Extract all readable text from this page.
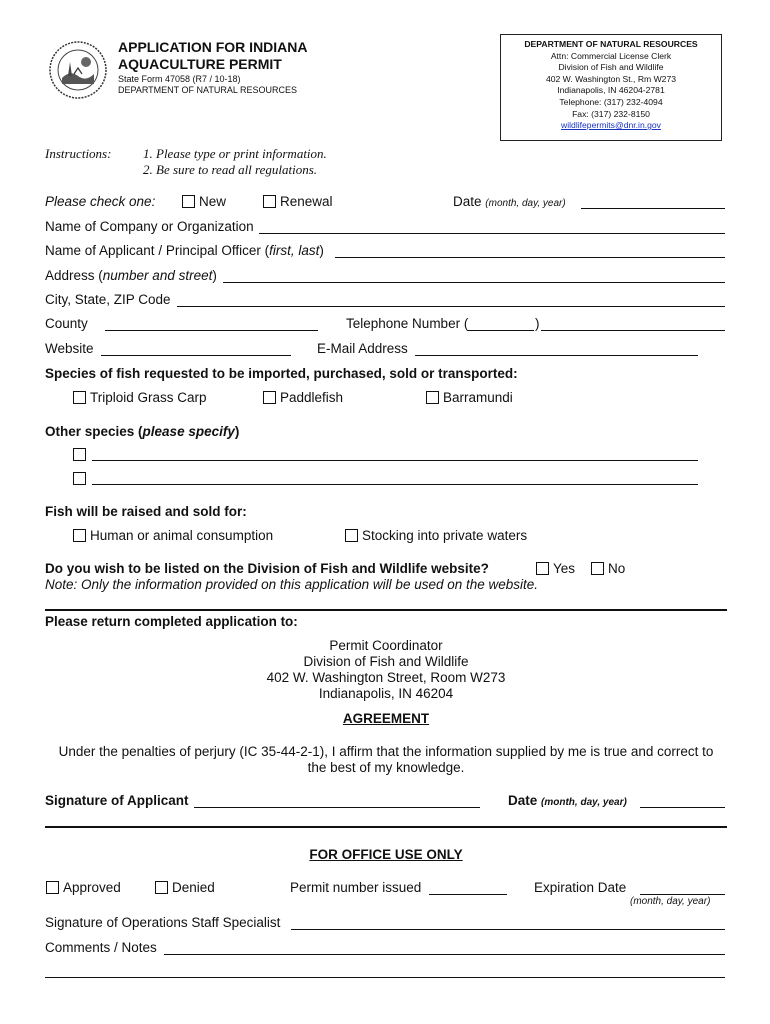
APPLICATION FOR INDIANA
AQUACULTURE PERMIT
State Form 47058 (R7 / 10-18)
DEPARTMENT OF NATURAL RESOURCES
DEPARTMENT OF NATURAL RESOURCES
Attn: Commercial License Clerk
Division of Fish and Wildlife
402 W. Washington St., Rm W273
Indianapolis, IN 46204-2781
Telephone: (317) 232-4094
Fax: (317) 232-8150
wildlifepermits@dnr.in.gov
Instructions: 1. Please type or print information.
2. Be sure to read all regulations.
Please check one:	New	Renewal	Date (month, day, year)
Name of Company or Organization
Name of Applicant / Principal Officer (first, last)
Address (number and street)
City, State, ZIP Code
County	Telephone Number (	)
Website	E-Mail Address
Species of fish requested to be imported, purchased, sold or transported:
Triploid Grass Carp	Paddlefish	Barramundi
Other species (please specify)
Fish will be raised and sold for:
Human or animal consumption	Stocking into private waters
Do you wish to be listed on the Division of Fish and Wildlife website?	Yes	No
Note: Only the information provided on this application will be used on the website.
Please return completed application to:
Permit Coordinator
Division of Fish and Wildlife
402 W. Washington Street, Room W273
Indianapolis, IN 46204
AGREEMENT
Under the penalties of perjury (IC 35-44-2-1), I affirm that the information supplied by me is true and correct to
the best of my knowledge.
Signature of Applicant	Date (month, day, year)
FOR OFFICE USE ONLY
Approved	Denied	Permit number issued	Expiration Date
(month, day, year)
Signature of Operations Staff Specialist
Comments / Notes
